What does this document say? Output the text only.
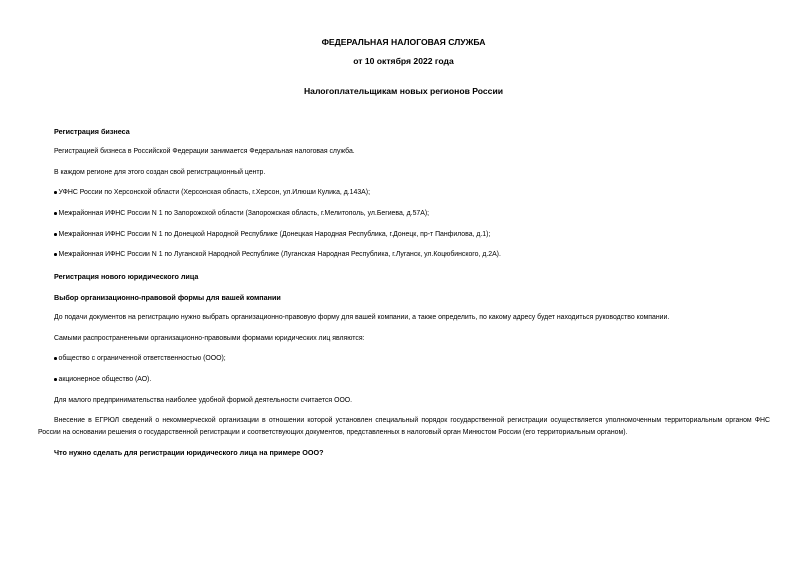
ФЕДЕРАЛЬНАЯ НАЛОГОВАЯ СЛУЖБА
от 10 октября 2022 года
Налогоплательщикам новых регионов России
Регистрация бизнеса
Регистрацией бизнеса в Российской Федерации занимается Федеральная налоговая служба.
В каждом регионе для этого создан свой регистрационный центр.
УФНС России по Херсонской области (Херсонская область, г.Херсон, ул.Илюши Кулика, д.143А);
Межрайонная ИФНС России N 1 по Запорожской области (Запорожская область, г.Мелитополь, ул.Бегиева, д.57А);
Межрайонная ИФНС России N 1 по Донецкой Народной Республике (Донецкая Народная Республика, г.Донецк, пр-т Панфилова, д.1);
Межрайонная ИФНС России N 1 по Луганской Народной Республике (Луганская Народная Республика, г.Луганск, ул.Коцюбинского, д.2А).
Регистрация нового юридического лица
Выбор организационно-правовой формы для вашей компании
До подачи документов на регистрацию нужно выбрать организационно-правовую форму для вашей компании, а также определить, по какому адресу будет находиться руководство компании.
Самыми распространенными организационно-правовыми формами юридических лиц являются:
общество с ограниченной ответственностью (ООО);
акционерное общество (АО).
Для малого предпринимательства наиболее удобной формой деятельности считается ООО.
Внесение в ЕГРЮЛ сведений о некоммерческой организации в отношении которой установлен специальный порядок государственной регистрации осуществляется уполномоченным территориальным органом ФНС России на основании решения о государственной регистрации и соответствующих документов, представленных в налоговый орган Минюстом России (его территориальным органом).
Что нужно сделать для регистрации юридического лица на примере ООО?
